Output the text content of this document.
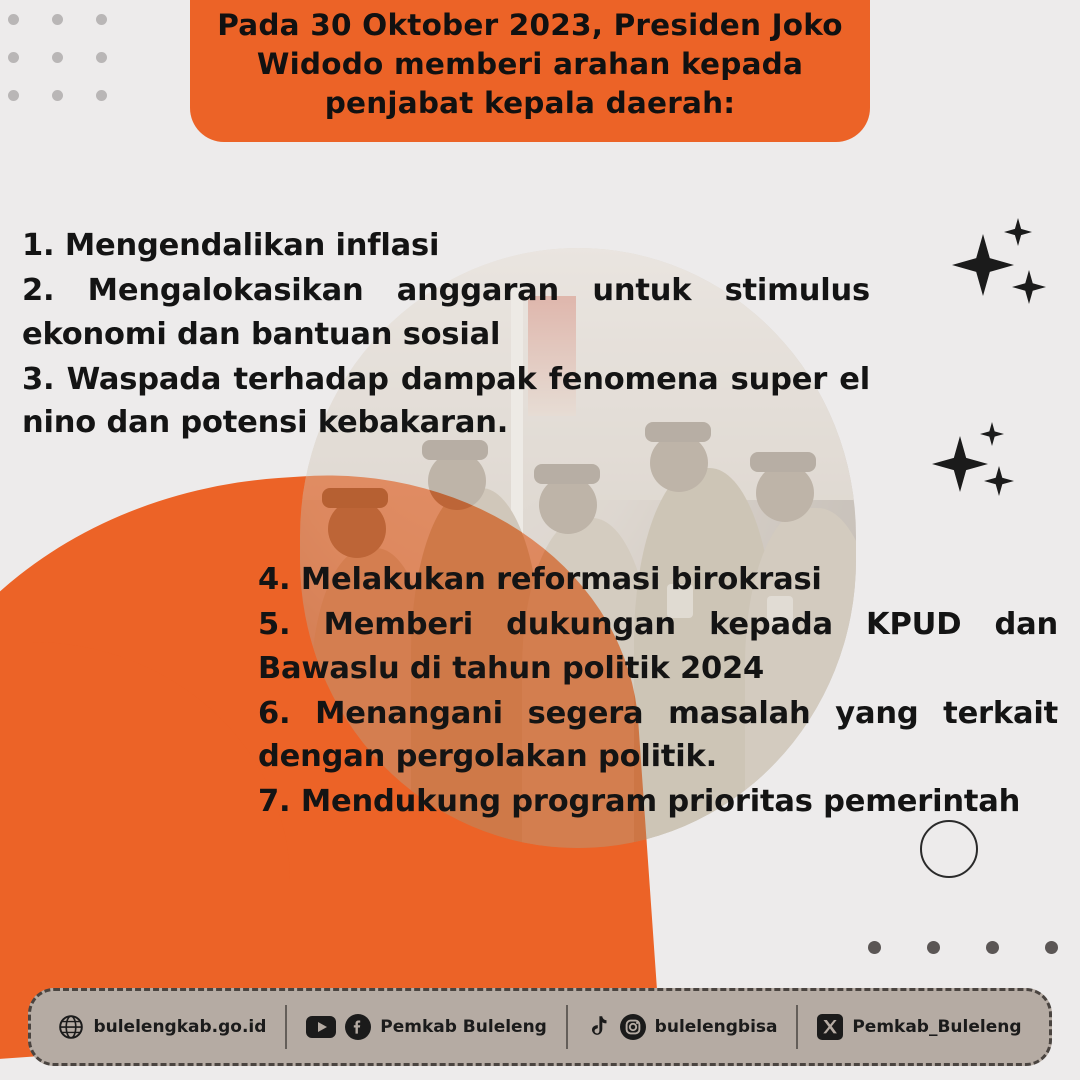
Pada 30 Oktober 2023, Presiden Joko Widodo memberi arahan kepada penjabat kepala daerah:
1. Mengendalikan inflasi
2. Mengalokasikan anggaran untuk stimulus ekonomi dan bantuan sosial
3. Waspada terhadap dampak fenomena super el nino dan potensi kebakaran.
4. Melakukan reformasi birokrasi
5. Memberi dukungan kepada KPUD dan Bawaslu di tahun politik 2024
6. Menangani segera masalah yang terkait dengan pergolakan politik.
7. Mendukung program prioritas pemerintah
bulelengkab.go.id	Pemkab Buleleng	bulelengbisa	Pemkab_Buleleng
